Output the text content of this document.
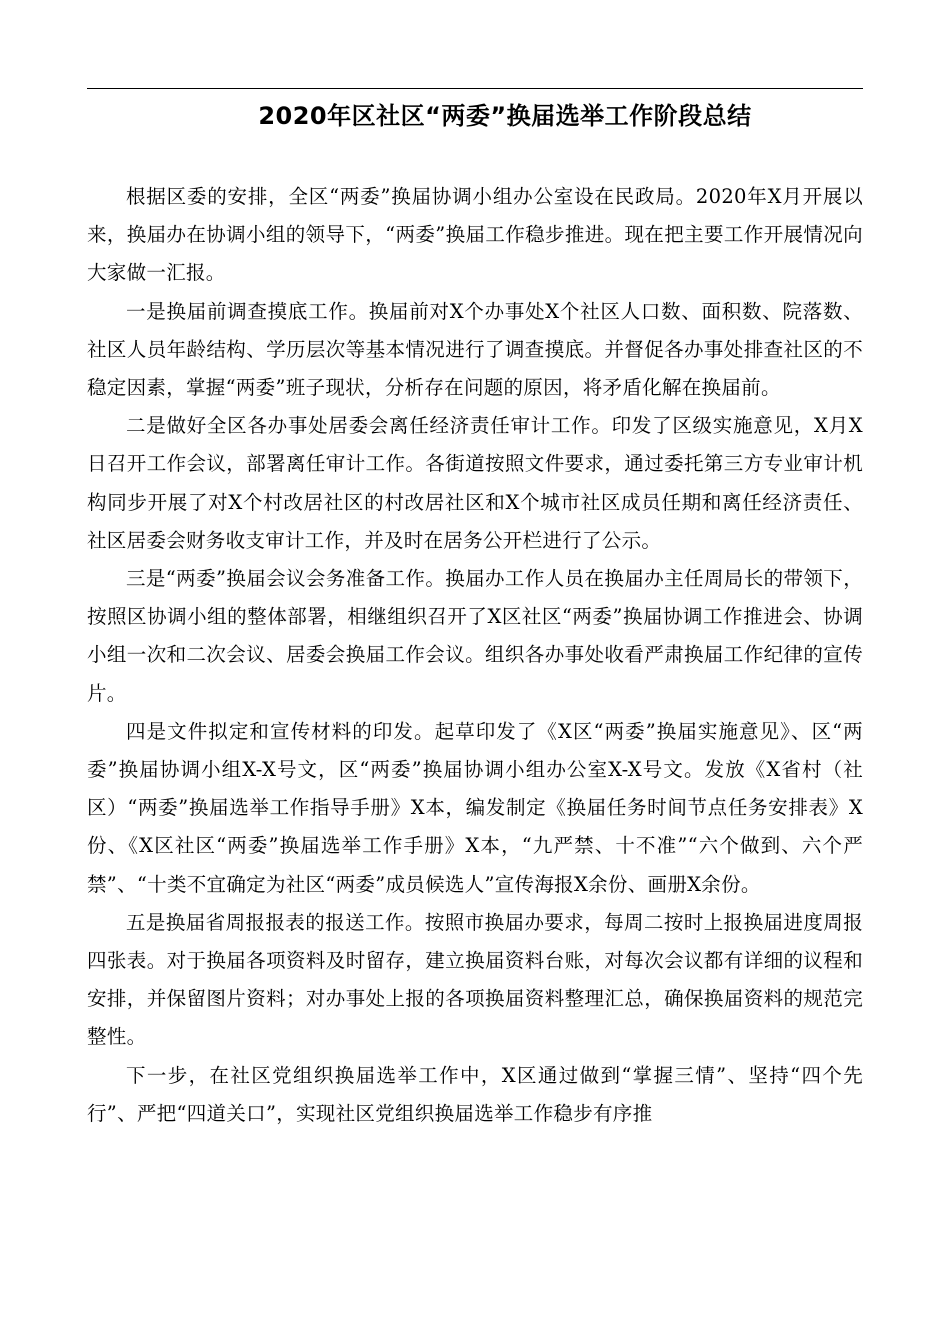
2020年区社区“两委”换届选举工作阶段总结

根据区委的安排，全区“两委”换届协调小组办公室设在民政局。2020年X月开展以来，换届办在协调小组的领导下，“两委”换届工作稳步推进。现在把主要工作开展情况向大家做一汇报。

一是换届前调查摸底工作。换届前对X个办事处X个社区人口数、面积数、院落数、社区人员年龄结构、学历层次等基本情况进行了调查摸底。并督促各办事处排查社区的不稳定因素，掌握“两委”班子现状，分析存在问题的原因，将矛盾化解在换届前。

二是做好全区各办事处居委会离任经济责任审计工作。印发了区级实施意见，X月X日召开工作会议，部署离任审计工作。各街道按照文件要求，通过委托第三方专业审计机构同步开展了对X个村改居社区的村改居社区和X个城市社区成员任期和离任经济责任、社区居委会财务收支审计工作，并及时在居务公开栏进行了公示。

三是“两委”换届会议会务准备工作。换届办工作人员在换届办主任周局长的带领下，按照区协调小组的整体部署，相继组织召开了X区社区“两委”换届协调工作推进会、协调小组一次和二次会议、居委会换届工作会议。组织各办事处收看严肃换届工作纪律的宣传片。

四是文件拟定和宣传材料的印发。起草印发了《X区“两委”换届实施意见》、区“两委”换届协调小组X-X号文，区“两委”换届协调小组办公室X-X号文。发放《X省村（社区）“两委”换届选举工作指导手册》X本，编发制定《换届任务时间节点任务安排表》X份、《X区社区“两委”换届选举工作手册》X本，“九严禁、十不准”“六个做到、六个严禁”、“十类不宜确定为社区“两委”成员候选人”宣传海报X余份、画册X余份。

五是换届省周报报表的报送工作。按照市换届办要求，每周二按时上报换届进度周报四张表。对于换届各项资料及时留存，建立换届资料台账，对每次会议都有详细的议程和安排，并保留图片资料；对办事处上报的各项换届资料整理汇总，确保换届资料的规范完整性。

下一步，在社区党组织换届选举工作中，X区通过做到“掌握三情”、坚持“四个先行”、严把“四道关口”，实现社区党组织换届选举工作稳步有序推
